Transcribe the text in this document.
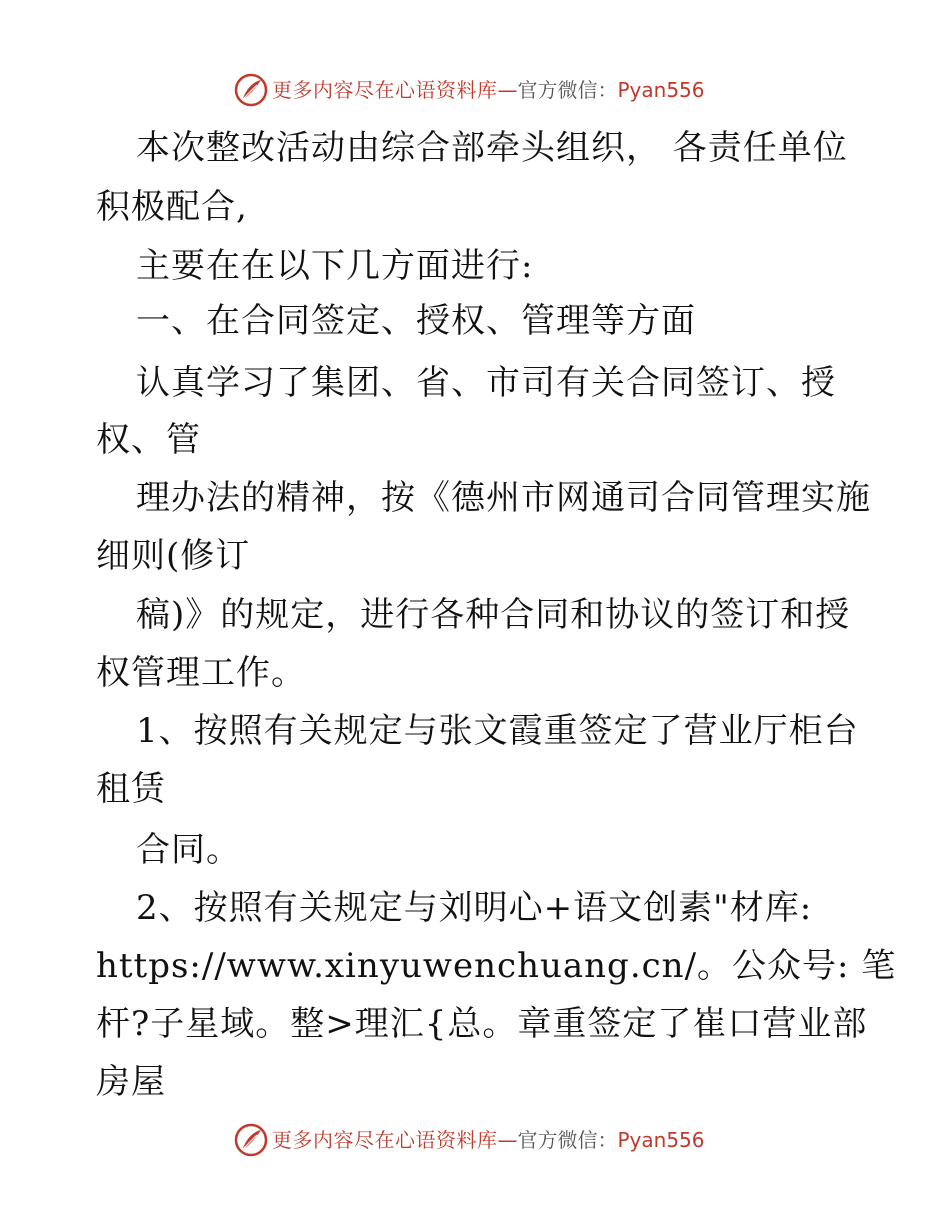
更多内容尽在心语资料库—官方微信：Pyan556
本次整改活动由综合部牵头组织， 各责任单位
积极配合,
主要在在以下几方面进行:
一、在合同签定、授权、管理等方面
认真学习了集团、省、市司有关合同签订、授
权、管
理办法的精神，按《德州市网通司合同管理实施
细则(修订
稿)》的规定，进行各种合同和协议的签订和授
权管理工作。
1、按照有关规定与张文霞重签定了营业厅柜台
租赁
合同。
2、按照有关规定与刘明心+语文创素"材库:
https://www.xinyuwenchuang.cn/。公众号: 笔
杆?子星域。整>理汇{总。章重签定了崔口营业部
房屋
更多内容尽在心语资料库—官方微信：Pyan556
